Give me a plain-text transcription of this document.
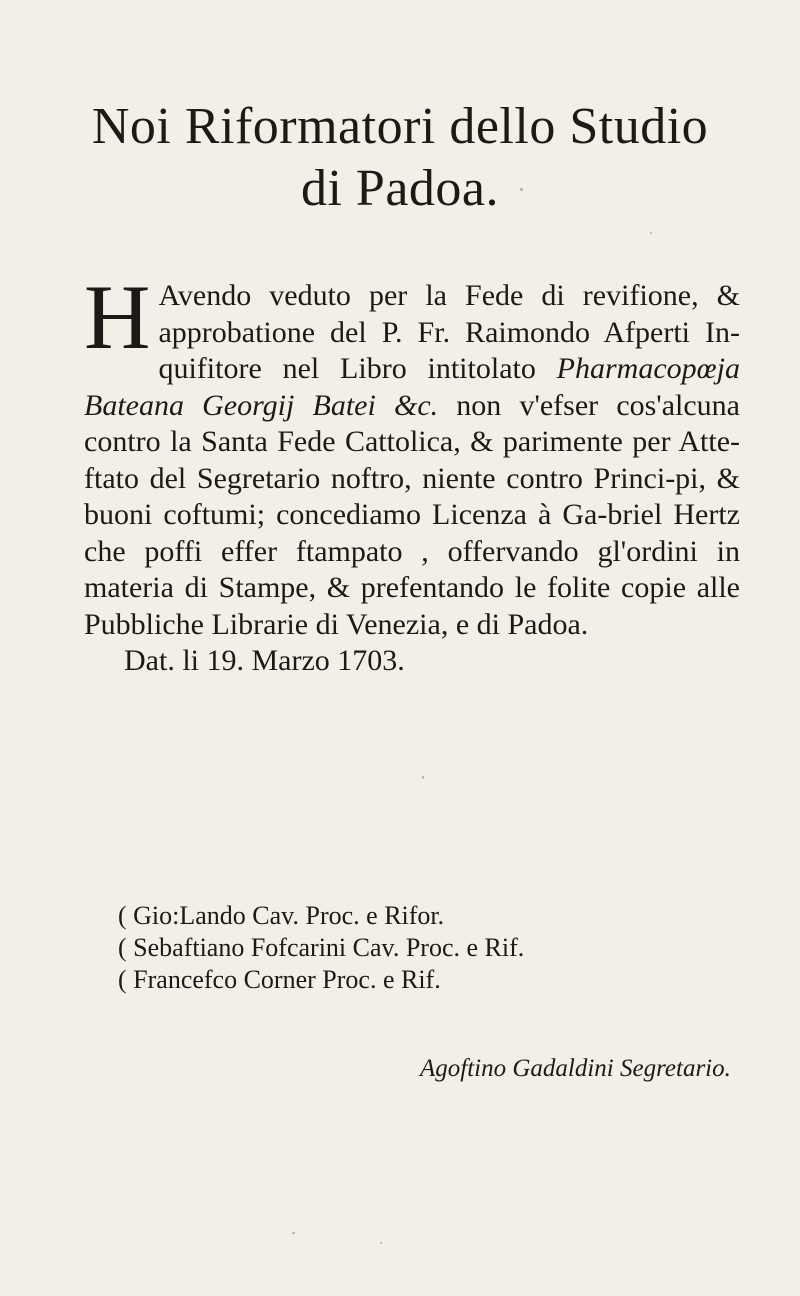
Noi Riformatori dello Studio
di Padoa.
H Avendo veduto per la Fede di revifione, & approbatione del P. Fr. Raimondo Afperti In-quifitore nel Libro intitolato Pharmacopœja Bateana Georgij Batei &c. non v'efser cos'alcuna contro la Santa Fede Cattolica, & parimente per Atte-ftato del Segretario noftro, niente contro Princi-pi, & buoni coftumi; concediamo Licenza à Ga-briel Hertz che poffi effer ftampato , offervando gl'ordini in materia di Stampe, & prefentando le folite copie alle Pubbliche Librarie di Venezia, e di Padoa.
Dat. li 19. Marzo 1703.
( Gio:Lando Cav. Proc. e Rifor.
( Sebaftiano Fofcarini Cav. Proc. e Rif.
( Francefco Corner Proc. e Rif.
Agoftino Gadaldini Segretario.
